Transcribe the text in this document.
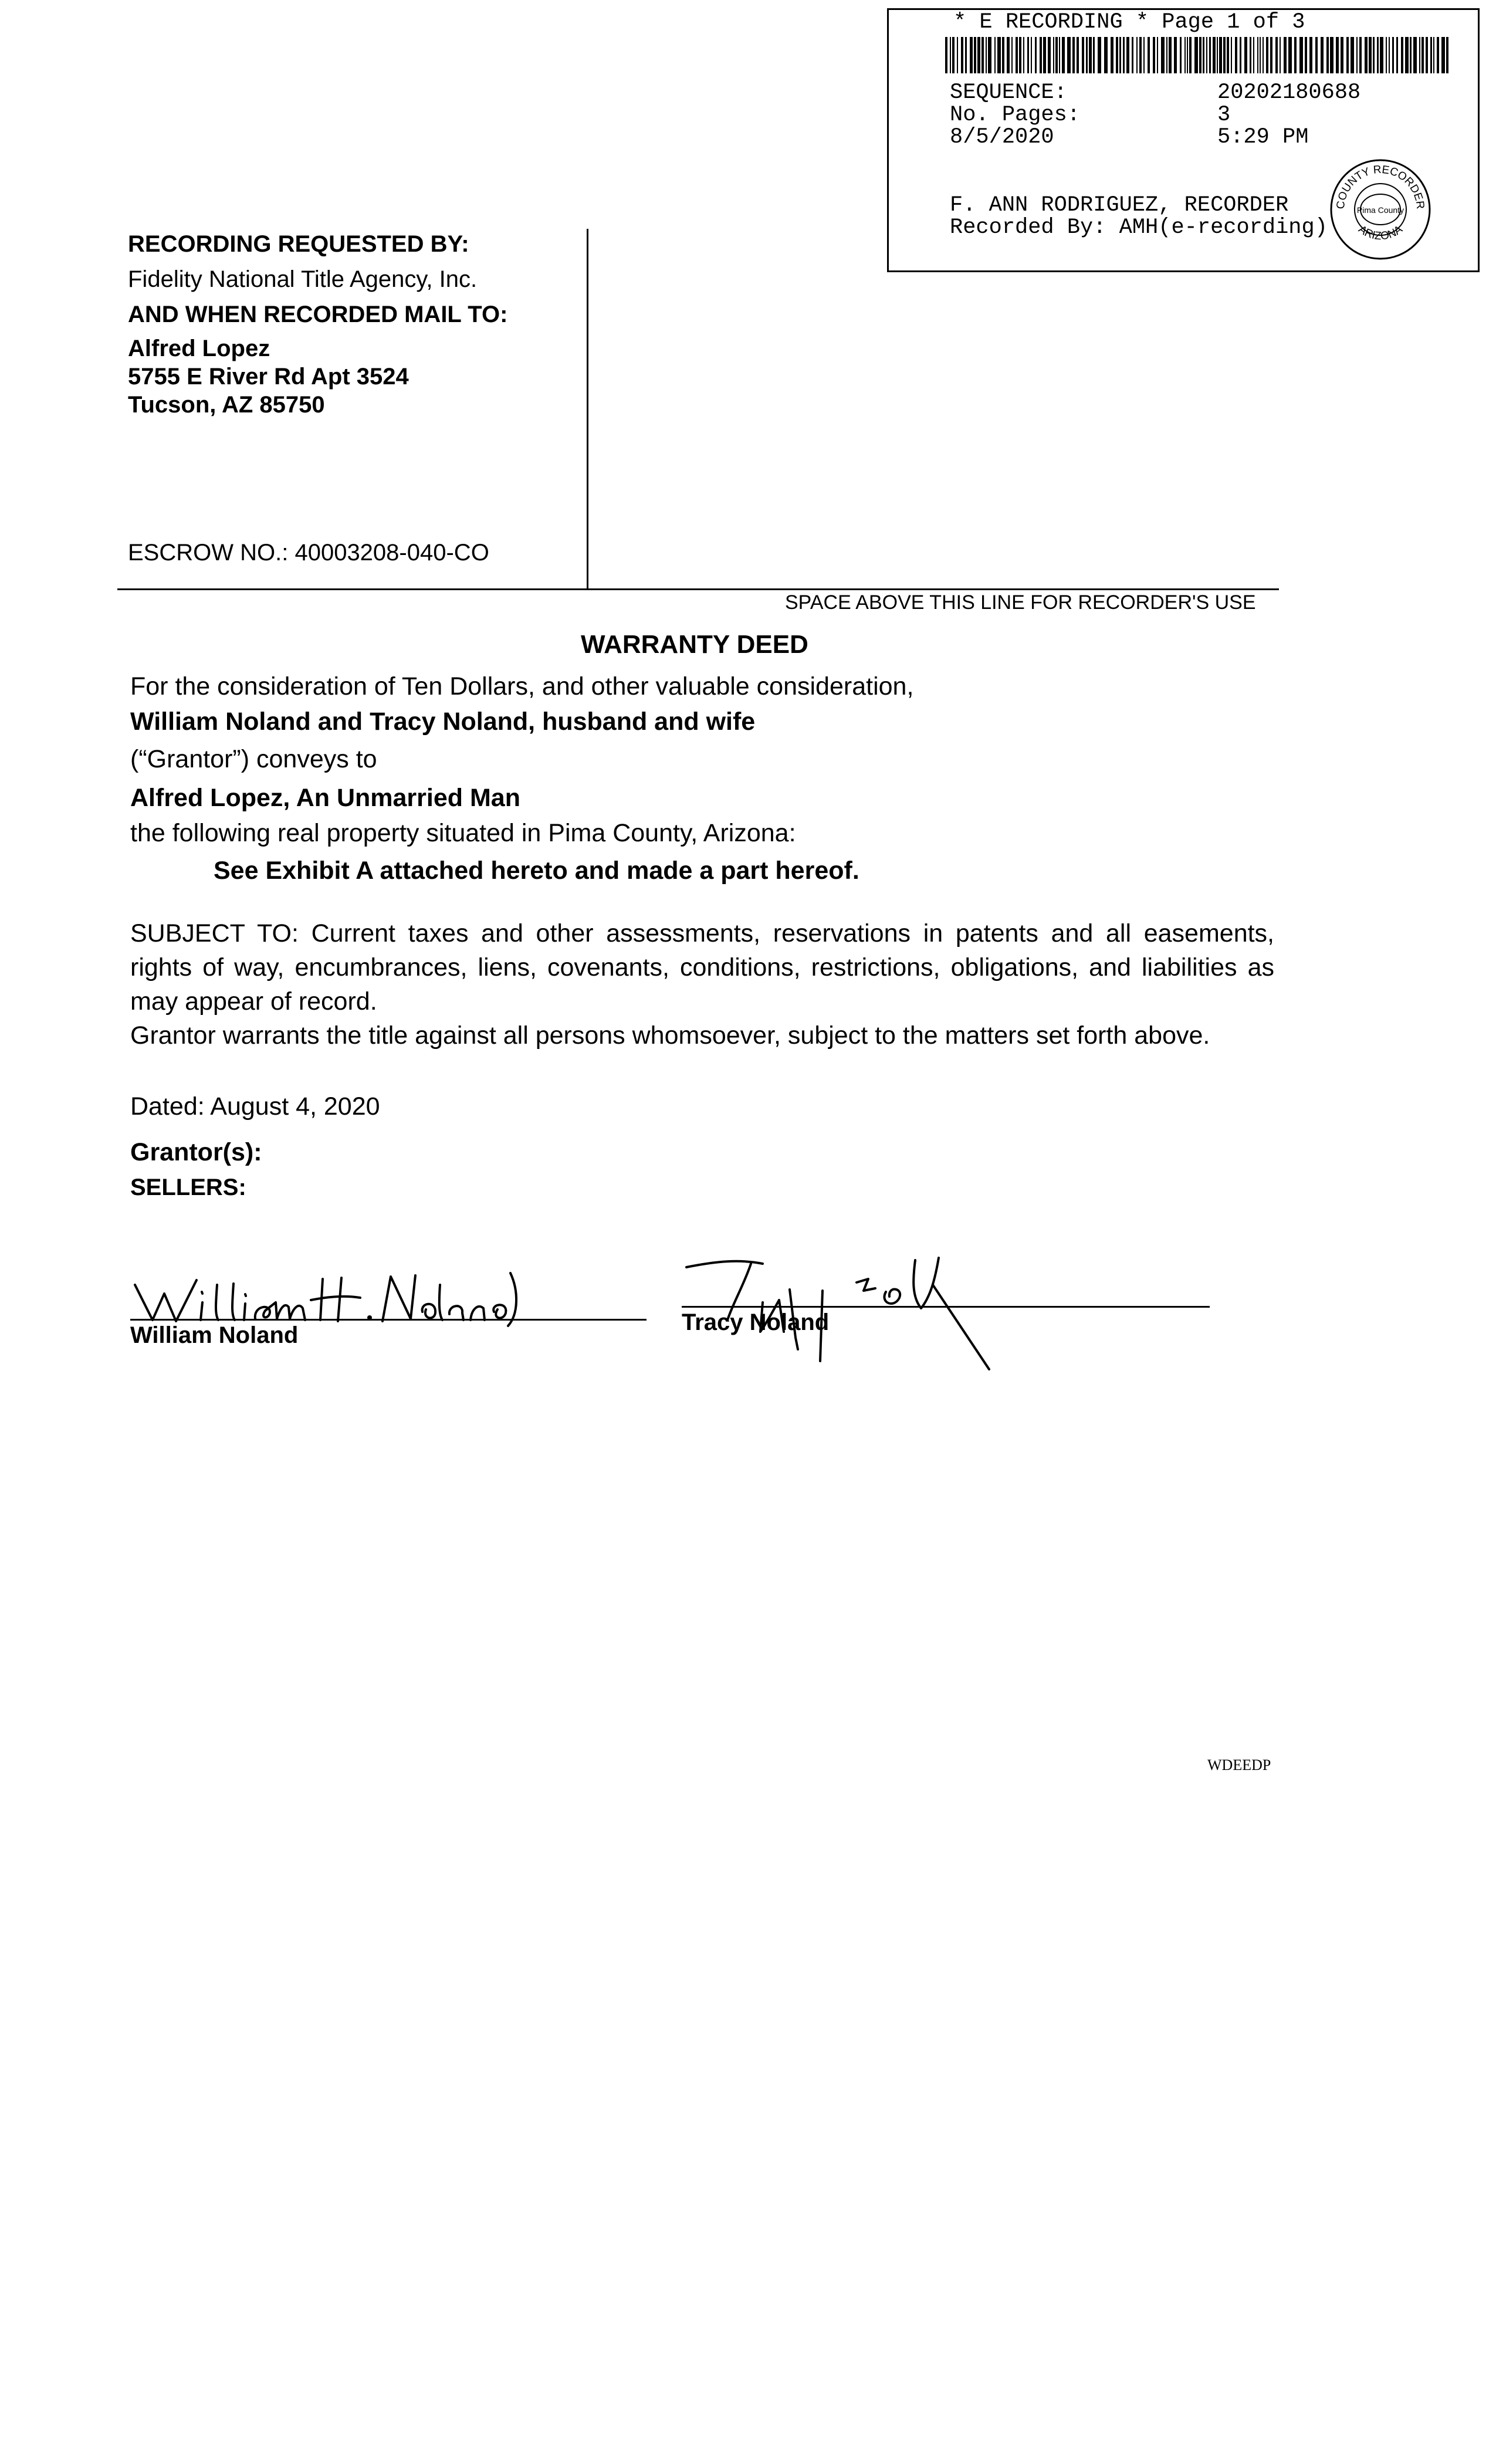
* E RECORDING * Page 1 of 3
SEQUENCE:	20202180688
No. Pages:	3
8/5/2020	5:29 PM
F. ANN RODRIGUEZ, RECORDER
Recorded By: AMH(e-recording)
COUNTY RECORDER
ARIZONA
Pima County
RECORDING REQUESTED BY:
Fidelity National Title Agency, Inc.
AND WHEN RECORDED MAIL TO:
Alfred Lopez
5755 E River Rd Apt 3524
Tucson, AZ 85750
ESCROW NO.: 40003208-040-CO
SPACE ABOVE THIS LINE FOR RECORDER'S USE
WARRANTY DEED
For the consideration of Ten Dollars, and other valuable consideration,
William Noland and Tracy Noland, husband and wife
(“Grantor”) conveys to
Alfred Lopez, An Unmarried Man
the following real property situated in Pima County, Arizona:
See Exhibit A attached hereto and made a part hereof.
SUBJECT TO: Current taxes and other assessments, reservations in patents and all easements, rights of way, encumbrances, liens, covenants, conditions, restrictions, obligations, and liabilities as may appear of record.
Grantor warrants the title against all persons whomsoever, subject to the matters set forth above.
Dated: August 4, 2020
Grantor(s):
SELLERS:
William Noland	Tracy Noland
WDEEDP
